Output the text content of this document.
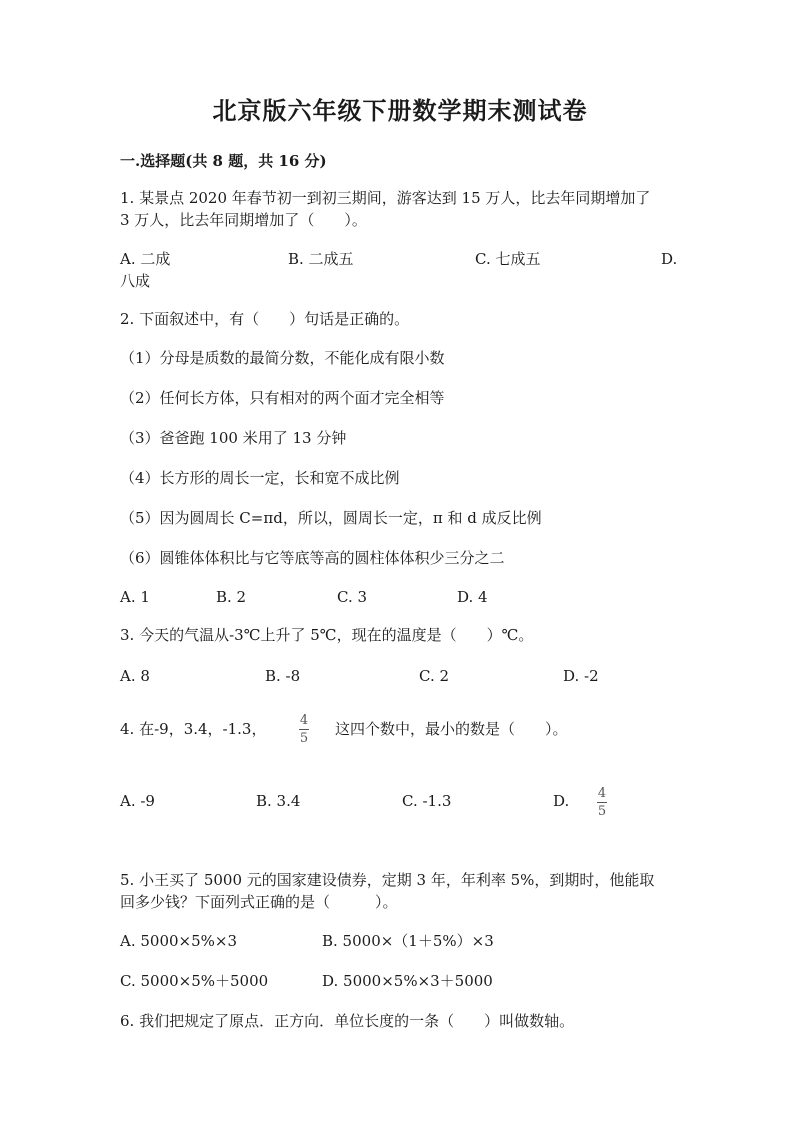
北京版六年级下册数学期末测试卷
一.选择题(共 8 题，共 16 分)
1. 某景点 2020 年春节初一到初三期间，游客达到 15 万人，比去年同期增加了
3 万人，比去年同期增加了（　　）。
A. 二成	B. 二成五	C. 七成五	D.
八成
2. 下面叙述中，有（　　）句话是正确的。
（1）分母是质数的最简分数，不能化成有限小数
（2）任何长方体，只有相对的两个面才完全相等
（3）爸爸跑 100 米用了 13 分钟
（4）长方形的周长一定，长和宽不成比例
（5）因为圆周长 C=πd，所以，圆周长一定，π 和 d 成反比例
（6）圆锥体体积比与它等底等高的圆柱体体积少三分之二
A. 1	B. 2	C. 3	D. 4
3. 今天的气温从-3℃上升了 5℃，现在的温度是（　　）℃。
A. 8	B. -8	C. 2	D. -2
4. 在-9，3.4，-1.3，	4
5
这四个数中，最小的数是（　　）。
A. -9	B. 3.4	C. -1.3	D. 4
5
5. 小王买了 5000 元的国家建设债券，定期 3 年，年利率 5%，到期时，他能取
回多少钱？下面列式正确的是（　　　）。
A. 5000×5%×3	B. 5000×（1＋5%）×3
C. 5000×5%＋5000	D. 5000×5%×3＋5000
6. 我们把规定了原点．正方向．单位长度的一条（　　）叫做数轴。
